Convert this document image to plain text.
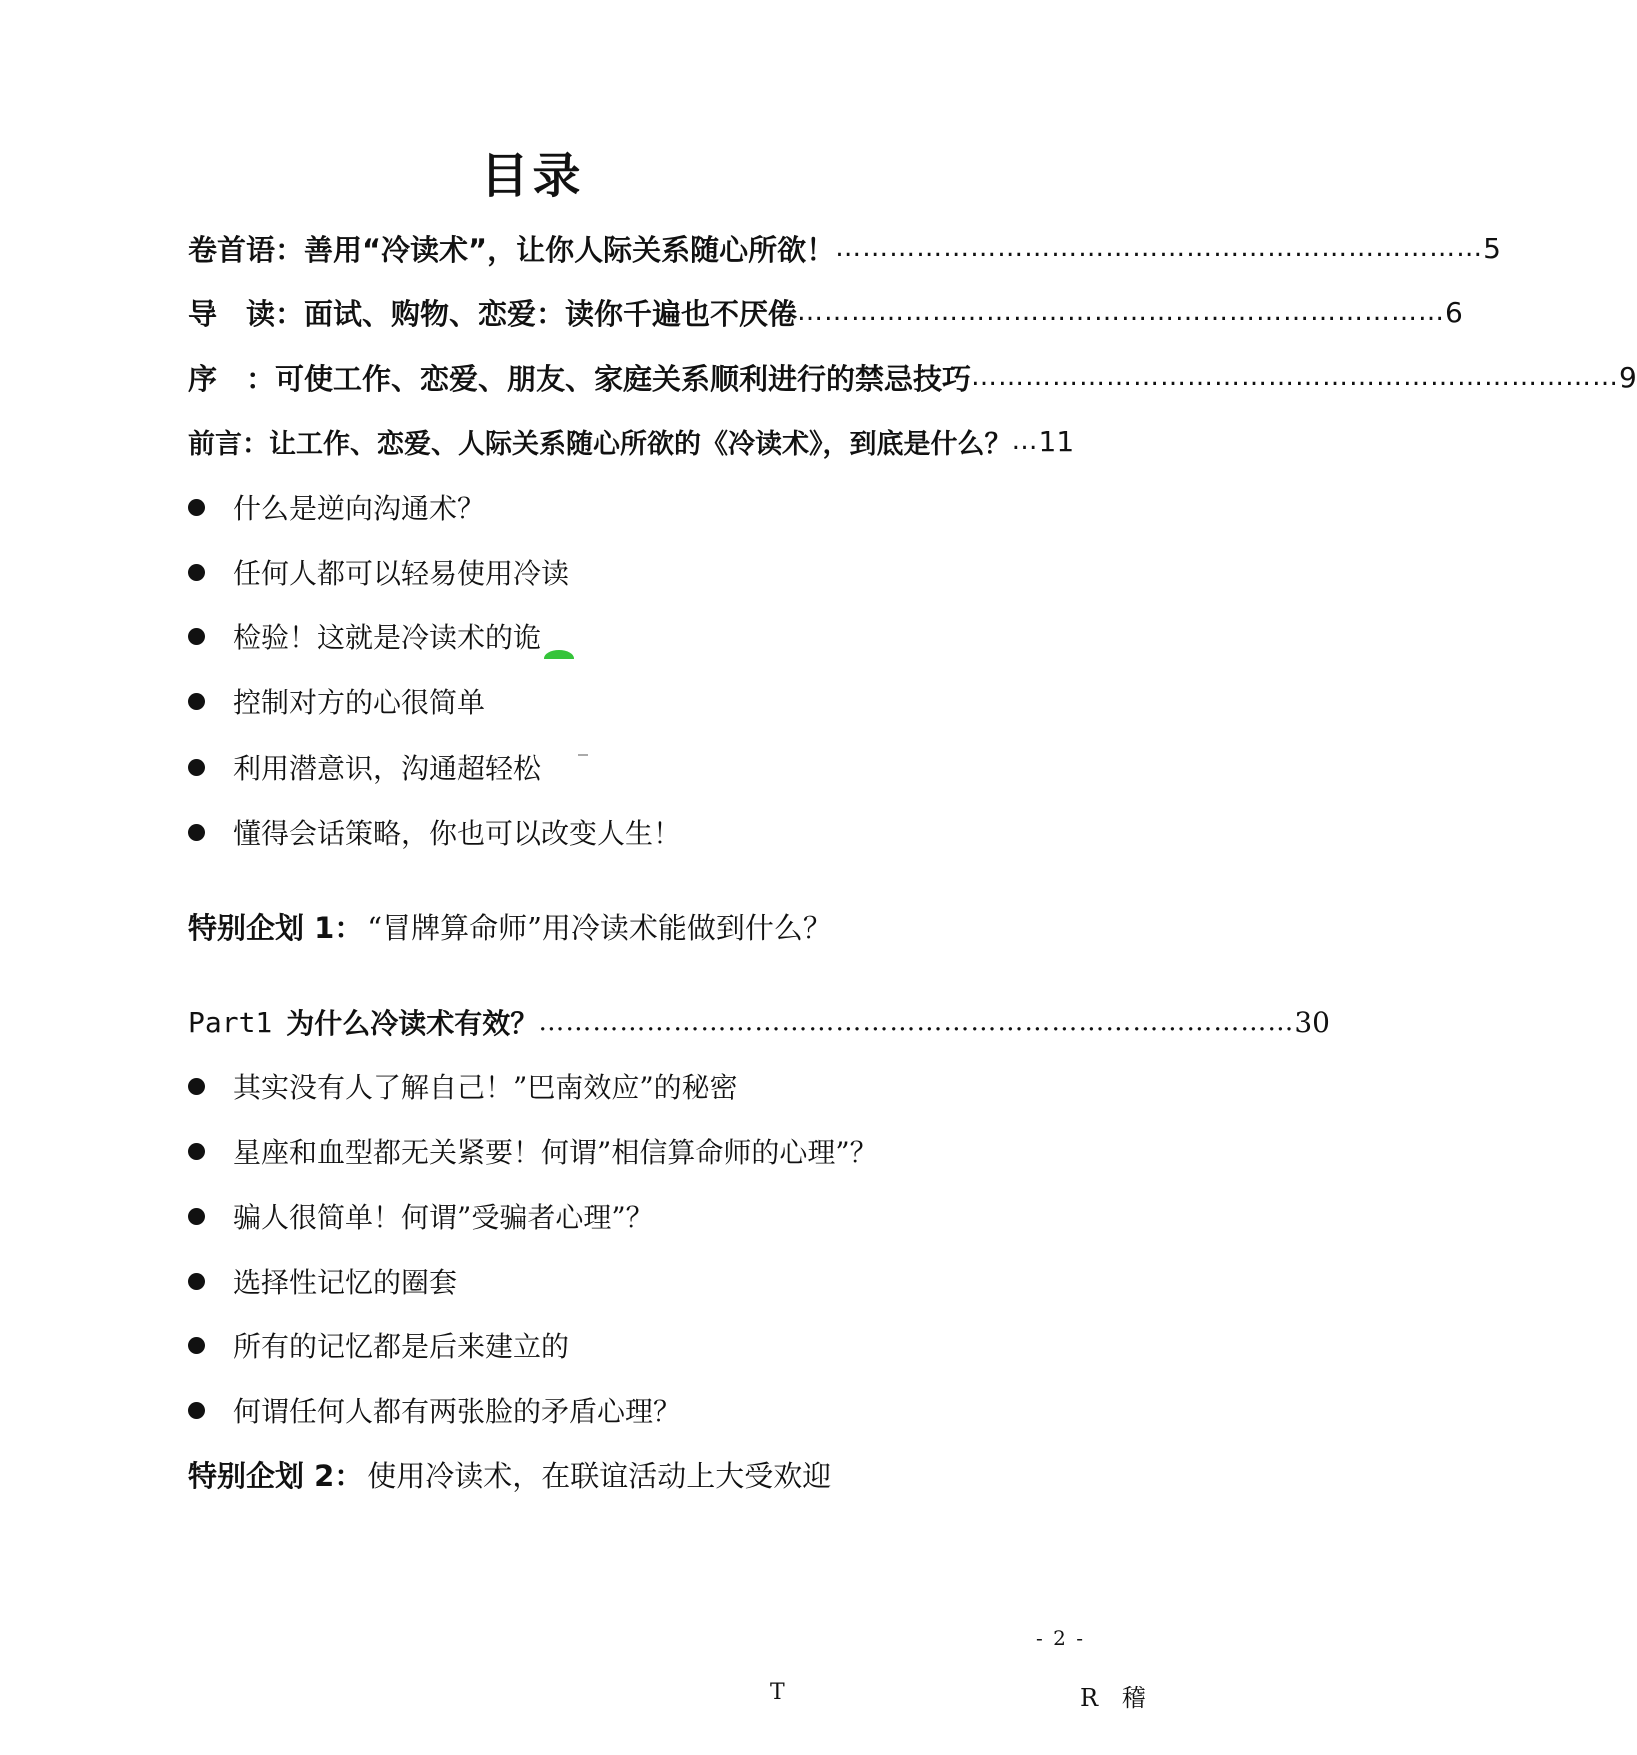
目录
卷首语：善用“冷读术”，让你人际关系随心所欲！ ……………………………………………………………… 5
导　读：面试、购物、恋爱：读你千遍也不厌倦 ……………………………………………………………… 6
序　：可使工作、恋爱、朋友、家庭关系顺利进行的禁忌技巧 ……………………………………………………………… 9
前言：让工作、恋爱、人际关系随心所欲的《冷读术》，到底是什么？ … 11
什么是逆向沟通术？
任何人都可以轻易使用冷读
检验！这就是冷读术的诡
控制对方的心很简单
利用潜意识，沟通超轻松
懂得会话策略，你也可以改变人生！
特别企划 1： “冒牌算命师”用冷读术能做到什么？
Part1 为什么冷读术有效？ ………………………………………………………………………… 30
其实没有人了解自己！”巴南效应”的秘密
星座和血型都无关紧要！何谓”相信算命师的心理”？
骗人很简单！何谓”受骗者心理”？
选择性记忆的圈套
所有的记忆都是后来建立的
何谓任何人都有两张脸的矛盾心理？
特别企划 2： 使用冷读术，在联谊活动上大受欢迎
- 2 -
T	R 稽
